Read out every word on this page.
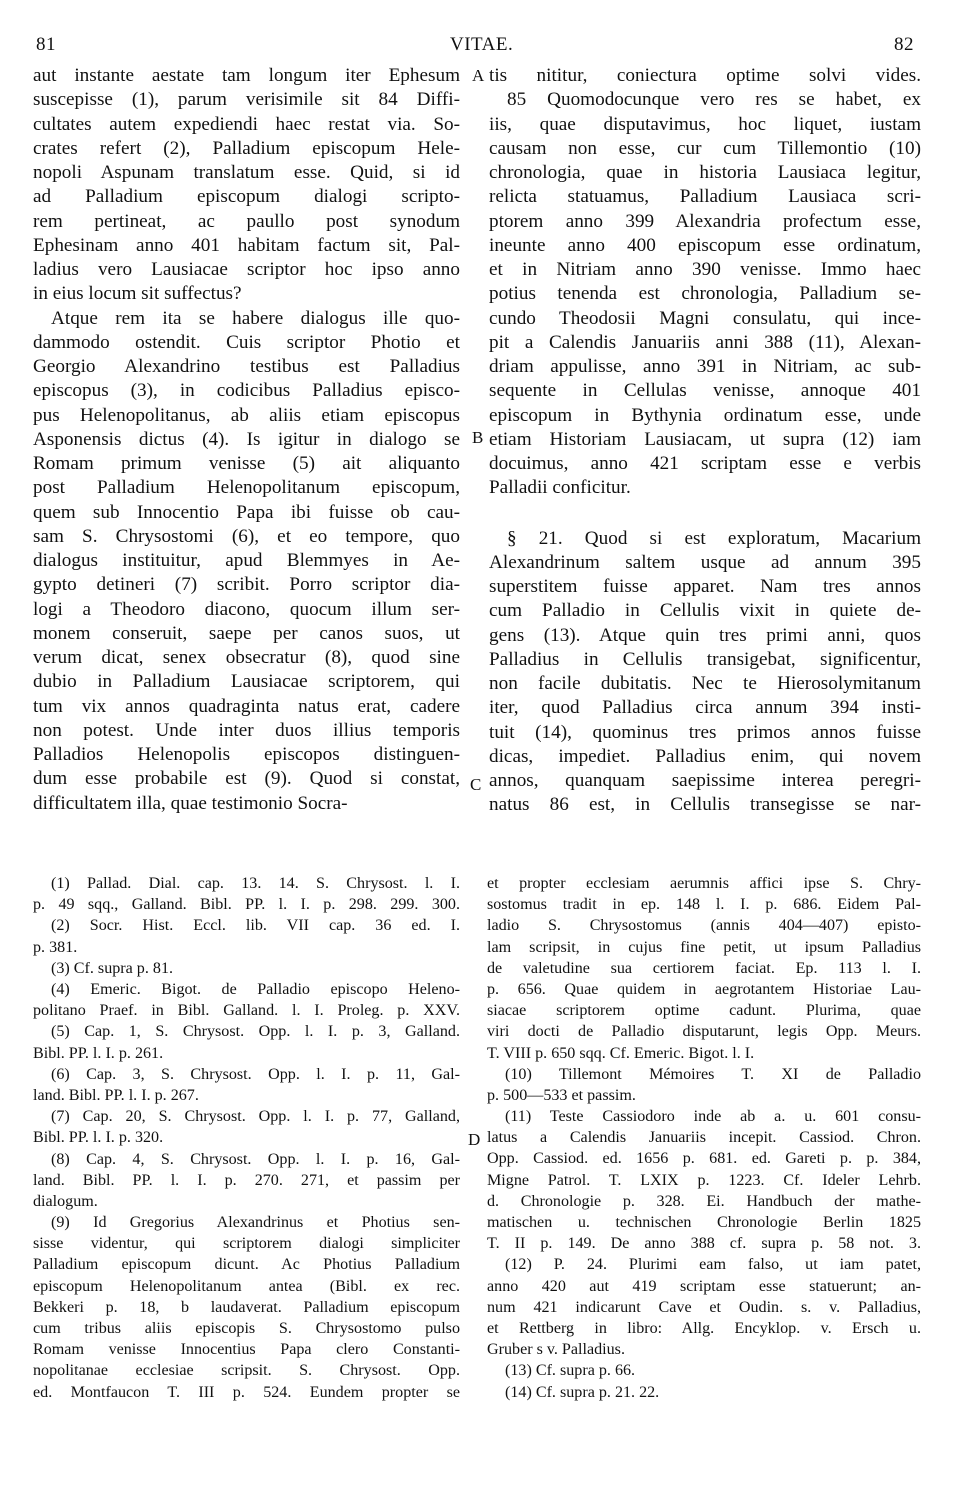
81	VITAE.	82
A
B
C
D
aut instante aestate tam longum iter Ephesum
suscepisse (1), parum verisimile sit 84 Diffi-
cultates autem expediendi haec restat via. So-
crates refert (2), Palladium episcopum Hele-
nopoli Aspunam translatum esse. Quid, si id
ad Palladium episcopum dialogi scripto-
rem pertineat, ac paullo post synodum
Ephesinam anno 401 habitam factum sit, Pal-
ladius vero Lausiacae scriptor hoc ipso anno
in eius locum sit suffectus?
Atque rem ita se habere dialogus ille quo-
dammodo ostendit. Cuis scriptor Photio et
Georgio Alexandrino testibus est Palladius
episcopus (3), in codicibus Palladius episco-
pus Helenopolitanus, ab aliis etiam episcopus
Asponensis dictus (4). Is igitur in dialogo se
Romam primum venisse (5) ait aliquanto
post Palladium Helenopolitanum episcopum,
quem sub Innocentio Papa ibi fuisse ob cau-
sam S. Chrysostomi (6), et eo tempore, quo
dialogus instituitur, apud Blemmyes in Ae-
gypto detineri (7) scribit. Porro scriptor dia-
logi a Theodoro diacono, quocum illum ser-
monem conseruit, saepe per canos suos, ut
verum dicat, senex obsecratur (8), quod sine
dubio in Palladium Lausiacae scriptorem, qui
tum vix annos quadraginta natus erat, cadere
non potest. Unde inter duos illius temporis
Palladios Helenopolis episcopos distinguen-
dum esse probabile est (9). Quod si constat,
difficultatem illa, quae testimonio Socra-
tis nititur, coniectura optime solvi vides.
85 Quomodocunque vero res se habet, ex
iis, quae disputavimus, hoc liquet, iustam
causam non esse, cur cum Tillemontio (10)
chronologia, quae in historia Lausiaca legitur,
relicta statuamus, Palladium Lausiaca scri-
ptorem anno 399 Alexandria profectum esse,
ineunte anno 400 episcopum esse ordinatum,
et in Nitriam anno 390 venisse. Immo haec
potius tenenda est chronologia, Palladium se-
cundo Theodosii Magni consulatu, qui ince-
pit a Calendis Januariis anni 388 (11), Alexan-
driam appulisse, anno 391 in Nitriam, ac sub-
sequente in Cellulas venisse, annoque 401
episcopum in Bythynia ordinatum esse, unde
etiam Historiam Lausiacam, ut supra (12) iam
docuimus, anno 421 scriptam esse e verbis
Palladii conficitur.
§ 21. Quod si est exploratum, Macarium
Alexandrinum saltem usque ad annum 395
superstitem fuisse apparet. Nam tres annos
cum Palladio in Cellulis vixit in quiete de-
gens (13). Atque quin tres primi anni, quos
Palladius in Cellulis transigebat, significentur,
non facile dubitatis. Nec te Hierosolymitanum
iter, quod Palladius circa annum 394 insti-
tuit (14), quominus tres primos annos fuisse
dicas, impediet. Palladius enim, qui novem
annos, quanquam saepissime interea peregri-
natus 86 est, in Cellulis transegisse se nar-
(1) Pallad. Dial. cap. 13. 14. S. Chrysost. l. I.
p. 49 sqq., Galland. Bibl. PP. l. I. p. 298. 299. 300.
(2) Socr. Hist. Eccl. lib. VII cap. 36 ed. I.
p. 381.
(3) Cf. supra p. 81.
(4) Emeric. Bigot. de Palladio episcopo Heleno-
politano Praef. in Bibl. Galland. l. I. Proleg. p. XXV.
(5) Cap. 1, S. Chrysost. Opp. l. I. p. 3, Galland.
Bibl. PP. l. I. p. 261.
(6) Cap. 3, S. Chrysost. Opp. l. I. p. 11, Gal-
land. Bibl. PP. l. I. p. 267.
(7) Cap. 20, S. Chrysost. Opp. l. I. p. 77, Galland,
Bibl. PP. l. I. p. 320.
(8) Cap. 4, S. Chrysost. Opp. l. I. p. 16, Gal-
land. Bibl. PP. l. I. p. 270. 271, et passim per
dialogum.
(9) Id Gregorius Alexandrinus et Photius sen-
sisse videntur, qui scriptorem dialogi simpliciter
Palladium episcopum dicunt. Ac Photius Palladium
episcopum Helenopolitanum antea (Bibl. ex rec.
Bekkeri p. 18, b laudaverat. Palladium episcopum
cum tribus aliis episcopis S. Chrysostomo pulso
Romam venisse Innocentius Papa clero Constanti-
nopolitanae ecclesiae scripsit. S. Chrysost. Opp.
ed. Montfaucon T. III p. 524. Eundem propter se
et propter ecclesiam aerumnis affici ipse S. Chry-
sostomus tradit in ep. 148 l. I. p. 686. Eidem Pal-
ladio S. Chrysostomus (annis 404—407) episto-
lam scripsit, in cujus fine petit, ut ipsum Palladius
de valetudine sua certiorem faciat. Ep. 113 l. I.
p. 656. Quae quidem in aegrotantem Historiae Lau-
siacae scriptorem optime cadunt. Plurima, quae
viri docti de Palladio disputarunt, legis Opp. Meurs.
T. VIII p. 650 sqq. Cf. Emeric. Bigot. l. I.
(10) Tillemont Mémoires T. XI de Palladio
p. 500—533 et passim.
(11) Teste Cassiodoro inde ab a. u. 601 consu-
latus a Calendis Januariis incepit. Cassiod. Chron.
Opp. Cassiod. ed. 1656 p. 681. ed. Gareti p. p. 384,
Migne Patrol. T. LXIX p. 1223. Cf. Ideler Lehrb.
d. Chronologie p. 328. Ei. Handbuch der mathe-
matischen u. technischen Chronologie Berlin 1825
T. II p. 149. De anno 388 cf. supra p. 58 not. 3.
(12) P. 24. Plurimi eam falso, ut iam patet,
anno 420 aut 419 scriptam esse statuerunt; an-
num 421 indicarunt Cave et Oudin. s. v. Palladius,
et Rettberg in libro: Allg. Encyklop. v. Ersch u.
Gruber s v. Palladius.
(13) Cf. supra p. 66.
(14) Cf. supra p. 21. 22.
